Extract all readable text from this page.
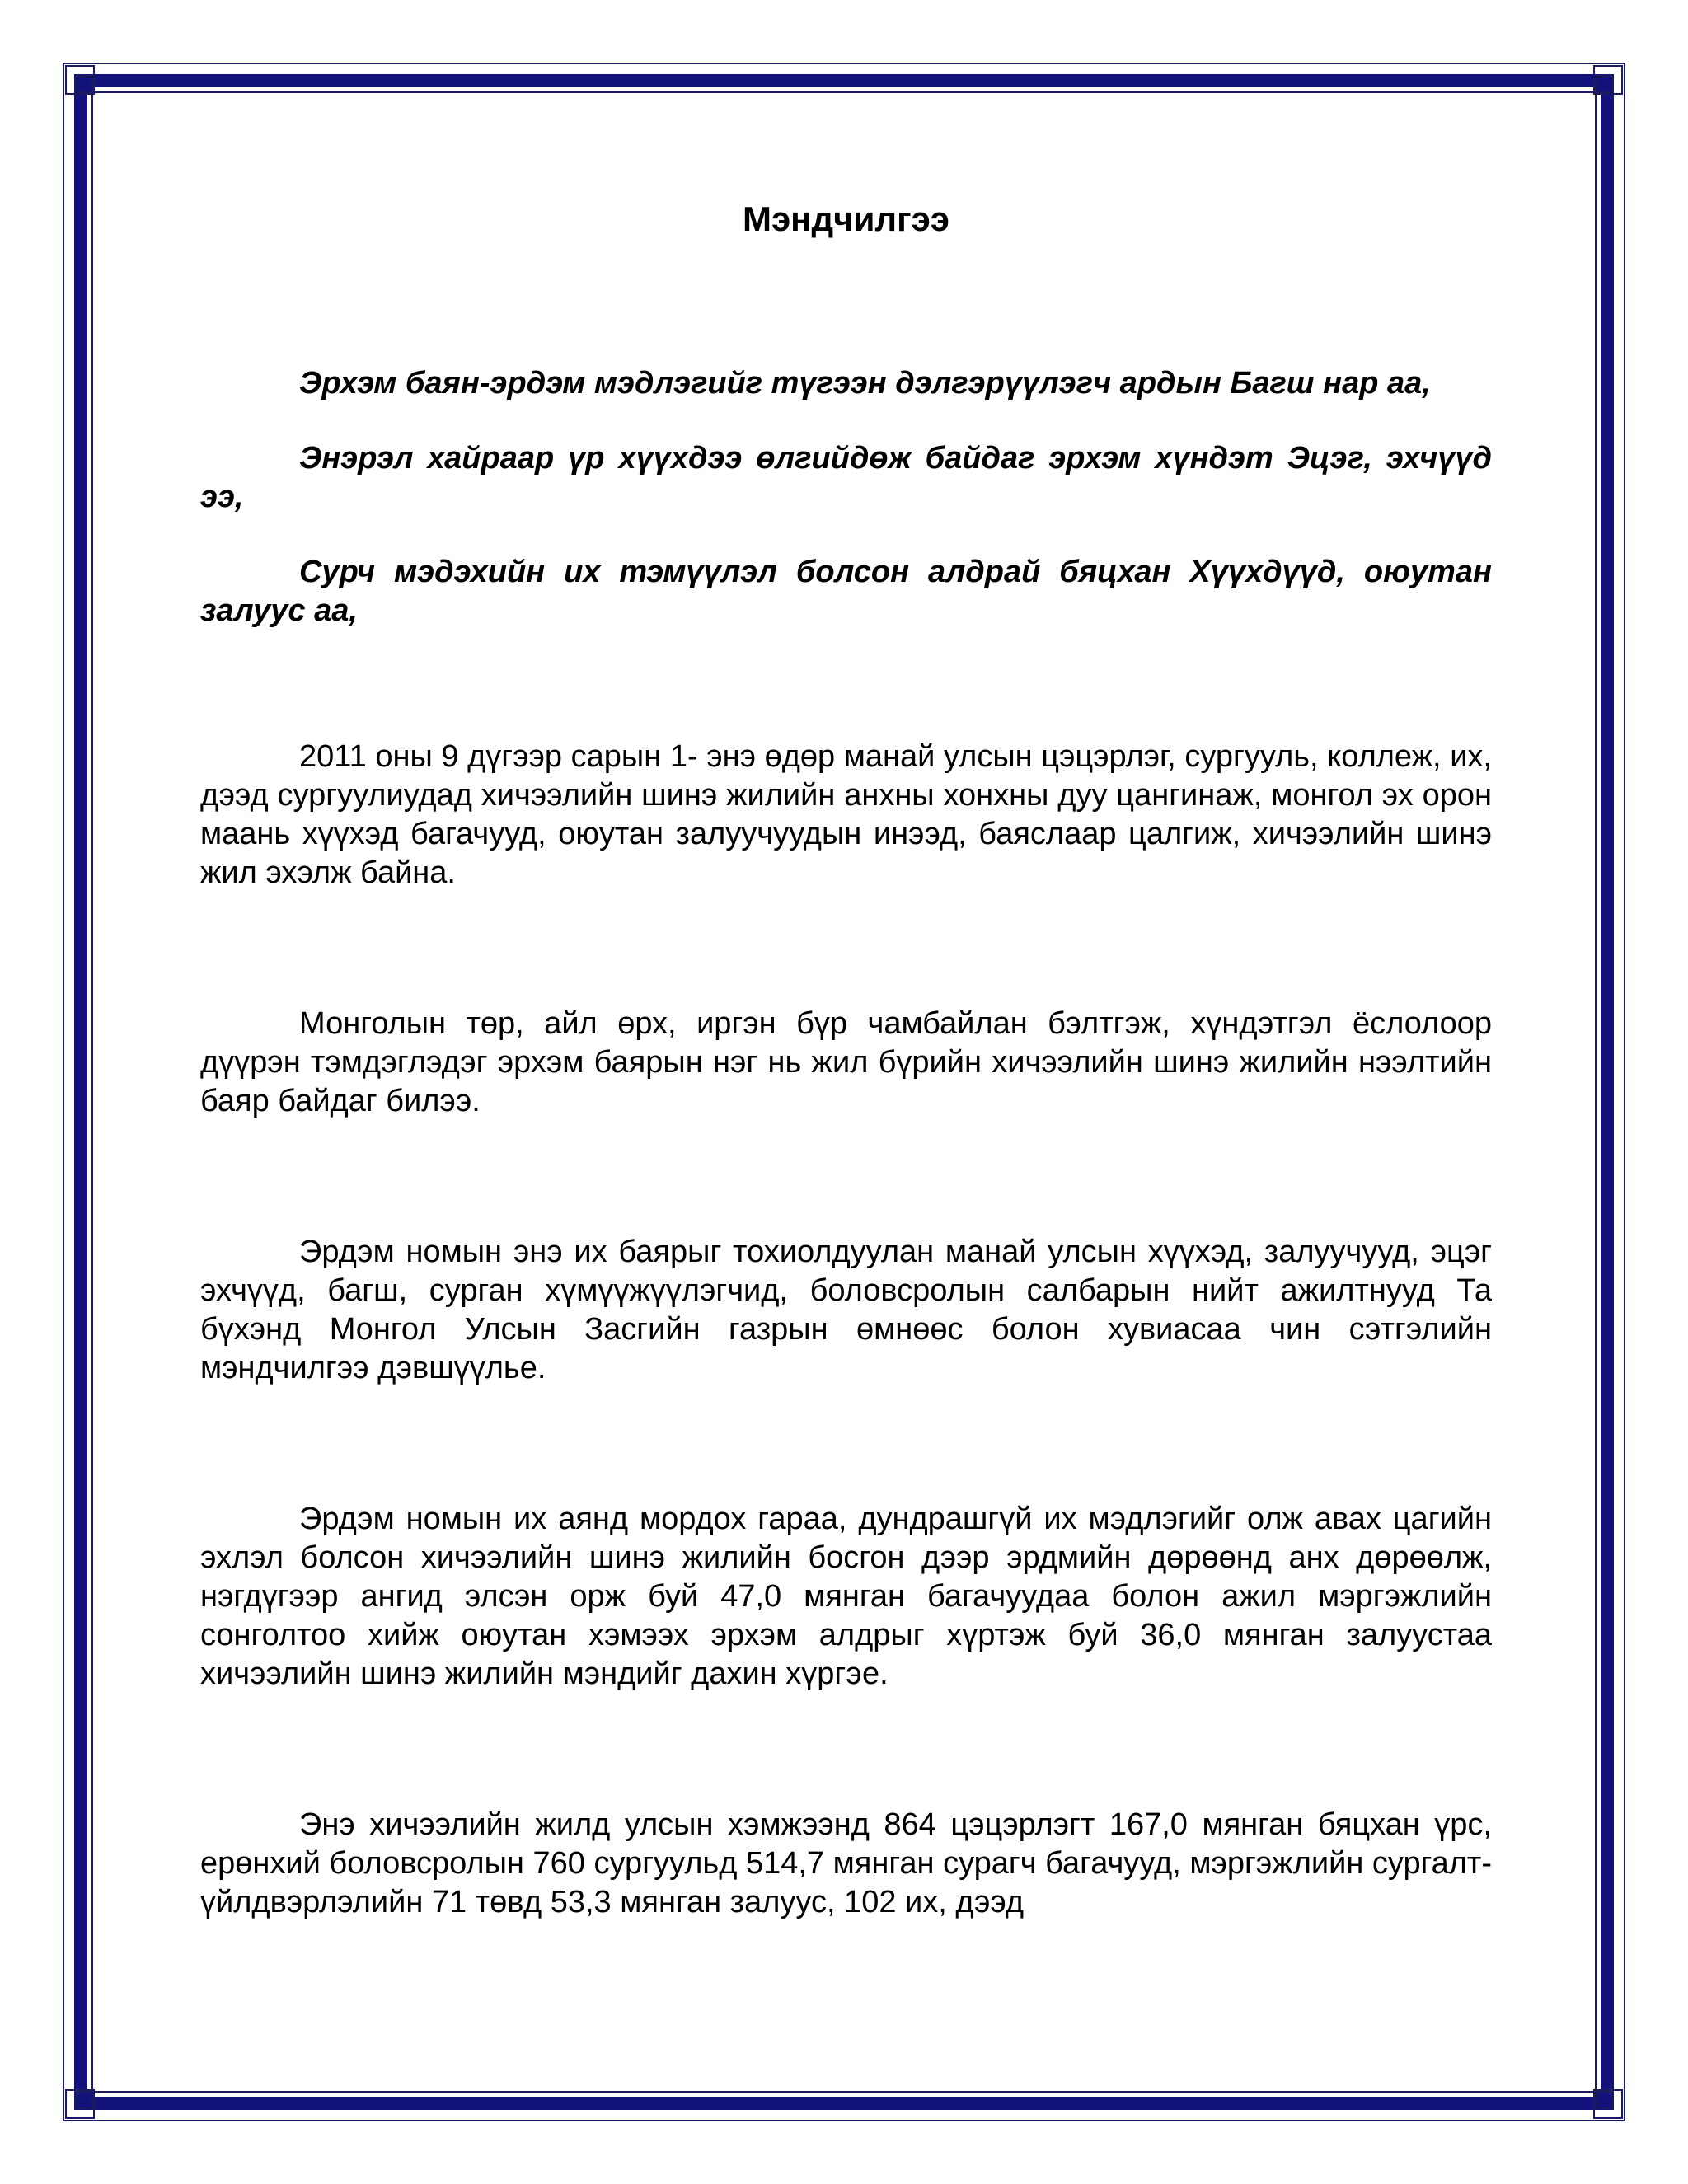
Мэндчилгээ

Эрхэм баян-эрдэм мэдлэгийг түгээн дэлгэрүүлэгч ардын Багш нар аа,

Энэрэл хайраар үр хүүхдээ өлгийдөж байдаг эрхэм хүндэт Эцэг, эхчүүд ээ,

Сурч мэдэхийн их тэмүүлэл болсон алдрай бяцхан Хүүхдүүд, оюутан залуус аа,

2011 оны 9 дүгээр сарын 1- энэ өдөр манай улсын цэцэрлэг, сургууль, коллеж, их, дээд сургуулиудад хичээлийн шинэ жилийн анхны хонхны дуу цангинаж, монгол эх орон маань хүүхэд багачууд, оюутан залуучуудын инээд, баяслаар цалгиж, хичээлийн шинэ жил эхэлж байна.

Монголын төр, айл өрх, иргэн бүр чамбайлан бэлтгэж, хүндэтгэл ёслолоор дүүрэн тэмдэглэдэг эрхэм баярын нэг нь жил бүрийн хичээлийн шинэ жилийн нээлтийн баяр байдаг билээ.

Эрдэм номын энэ их баярыг тохиолдуулан манай улсын хүүхэд, залуучууд, эцэг эхчүүд, багш, сурган хүмүүжүүлэгчид, боловсролын салбарын нийт ажилтнууд Та бүхэнд Монгол Улсын Засгийн газрын өмнөөс болон хувиасаа чин сэтгэлийн мэндчилгээ дэвшүүлье.

Эрдэм номын их аянд мордох гараа, дундрашгүй их мэдлэгийг олж авах цагийн эхлэл болсон хичээлийн шинэ жилийн босгон дээр эрдмийн дөрөөнд анх дөрөөлж, нэгдүгээр ангид элсэн орж буй 47,0 мянган багачуудаа болон ажил мэргэжлийн сонголтоо хийж оюутан хэмээх эрхэм алдрыг хүртэж буй 36,0 мянган залуустаа хичээлийн шинэ жилийн мэндийг дахин хүргэе.

Энэ хичээлийн жилд улсын хэмжээнд 864 цэцэрлэгт 167,0 мянган бяцхан үрс, ерөнхий боловсролын 760 сургуульд 514,7 мянган сурагч багачууд, мэргэжлийн сургалт-үйлдвэрлэлийн 71 төвд 53,3 мянган залуус, 102 их, дээд
